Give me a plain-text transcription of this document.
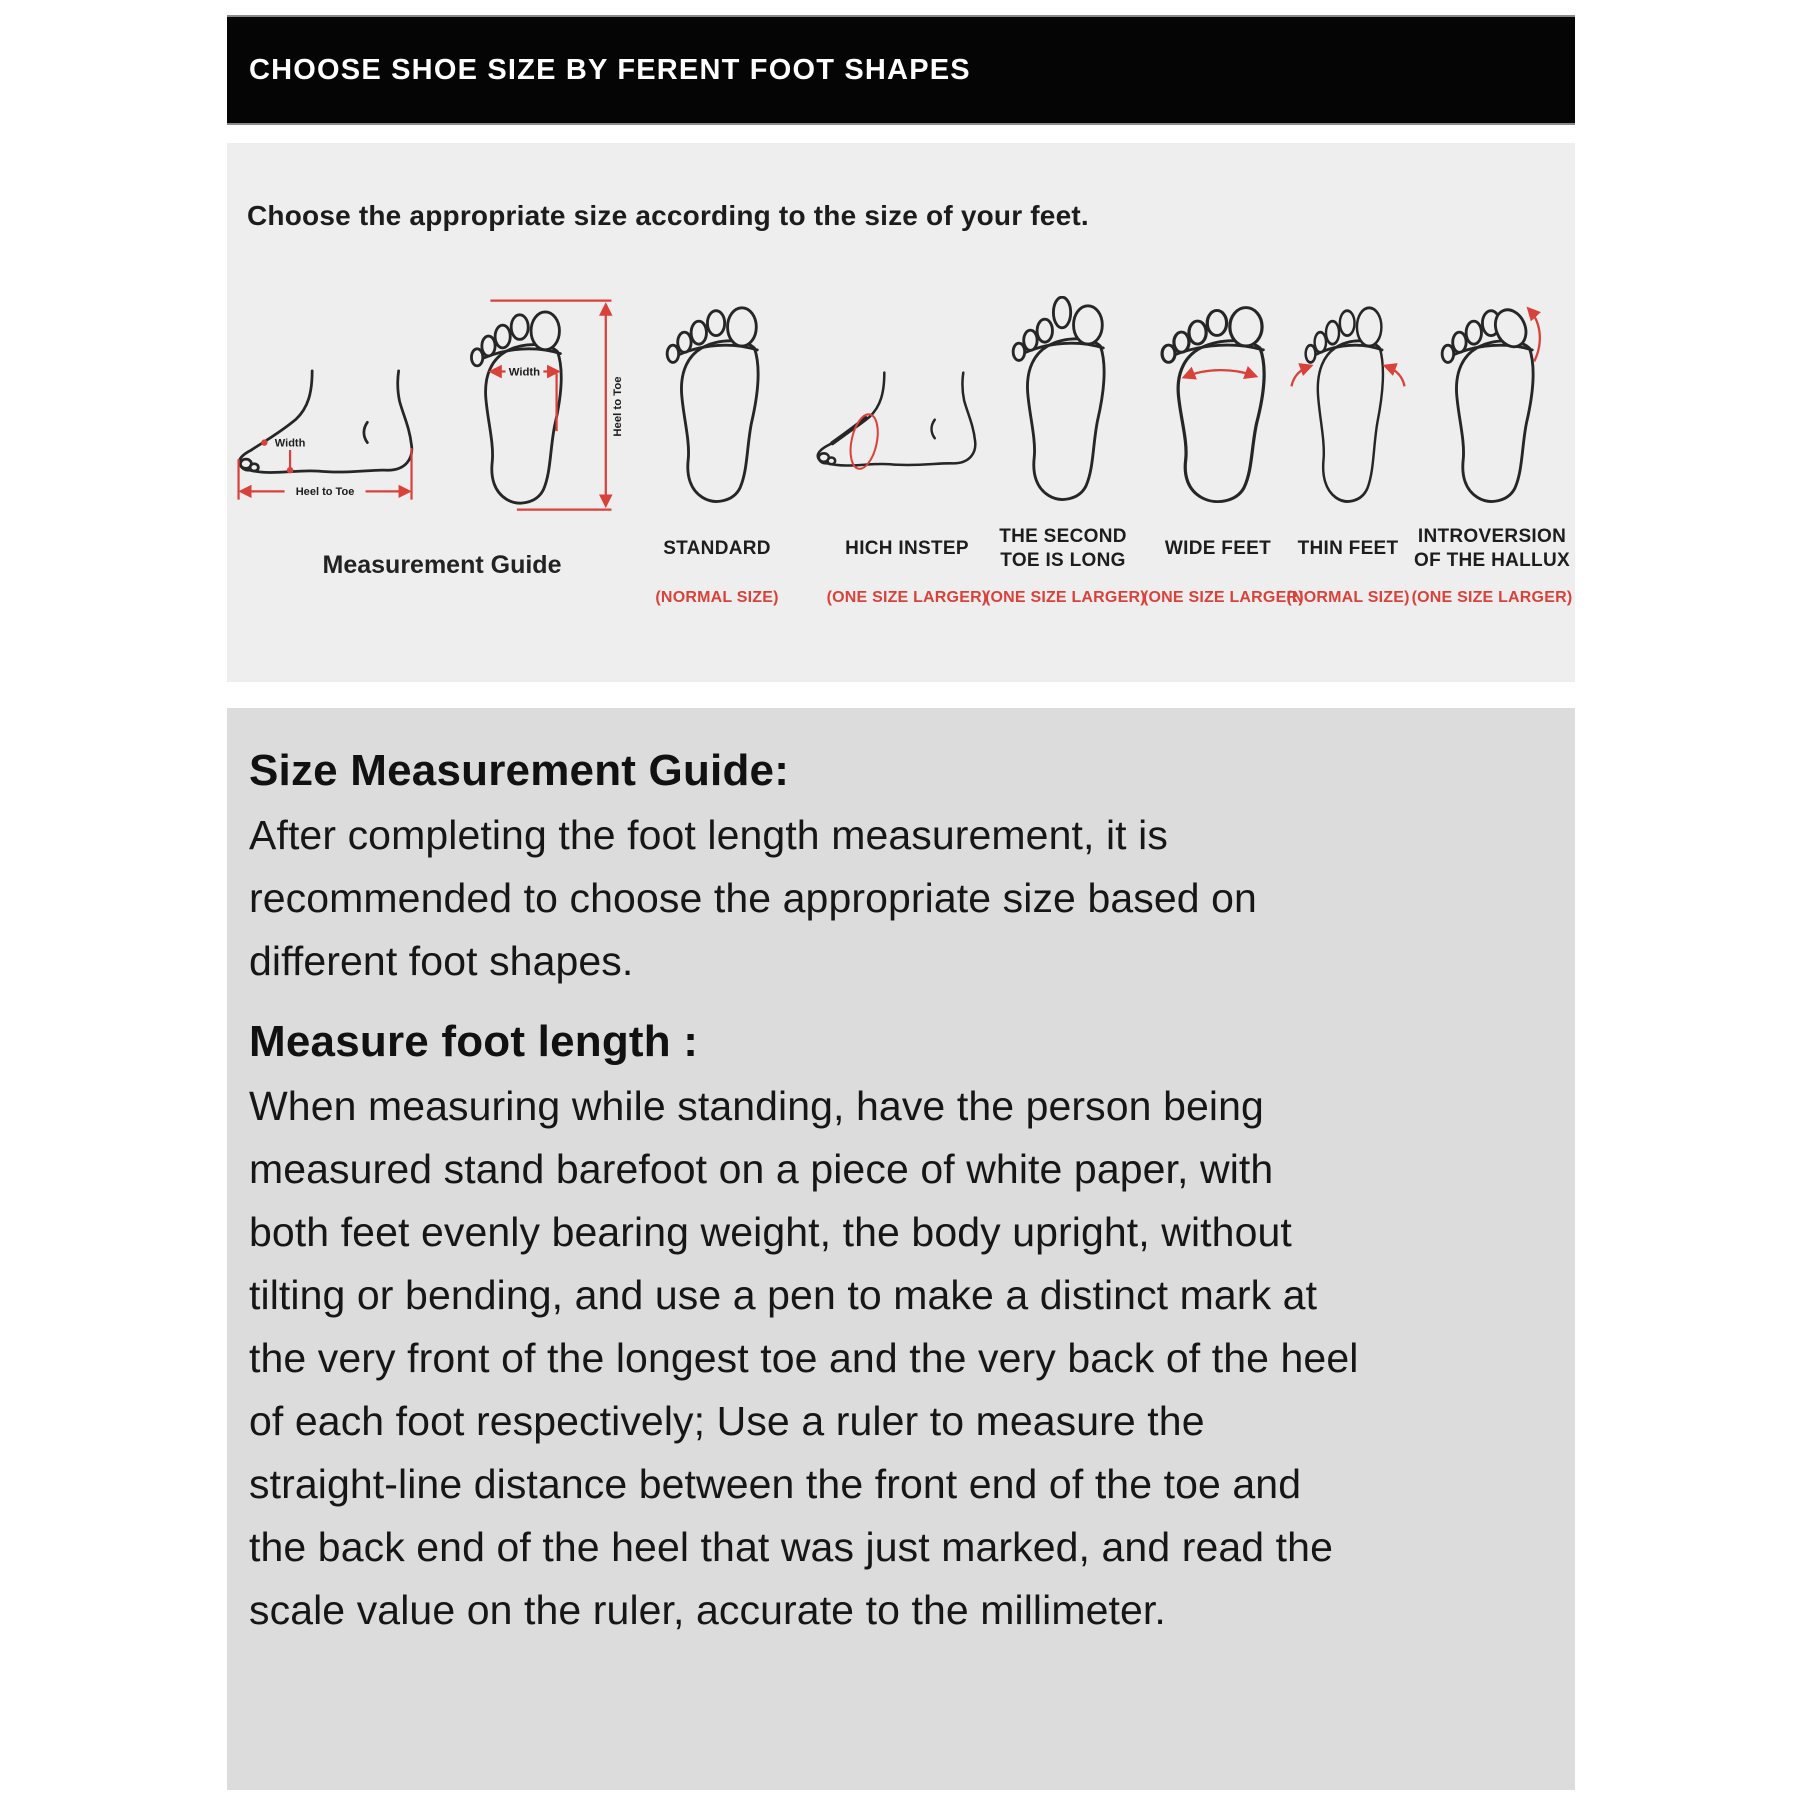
CHOOSE SHOE SIZE BY FERENT FOOT SHAPES

Choose the appropriate size according to the size of your feet.

Width
Heel to Toe
Heel to Toe
Width
Measurement Guide
STANDARD
(NORMAL SIZE)
HICH INSTEP
(ONE SIZE LARGER)
THE SECOND TOE IS LONG
(ONE SIZE LARGER)
WIDE FEET
(ONE SIZE LARGER)
THIN FEET
(NORMAL SIZE)
INTROVERSION OF THE HALLUX
(ONE SIZE LARGER)
Size Measurement Guide:

After completing the foot length measurement, it is recommended to choose the appropriate size based on different foot shapes.

Measure foot length :

When measuring while standing, have the person being measured stand barefoot on a piece of white paper, with both feet evenly bearing weight, the body upright, without tilting or bending, and use a pen to make a distinct mark at the very front of the longest toe and the very back of the heel of each foot respectively; Use a ruler to measure the straight-line distance between the front end of the toe and the back end of the heel that was just marked, and read the scale value on the ruler, accurate to the millimeter.
